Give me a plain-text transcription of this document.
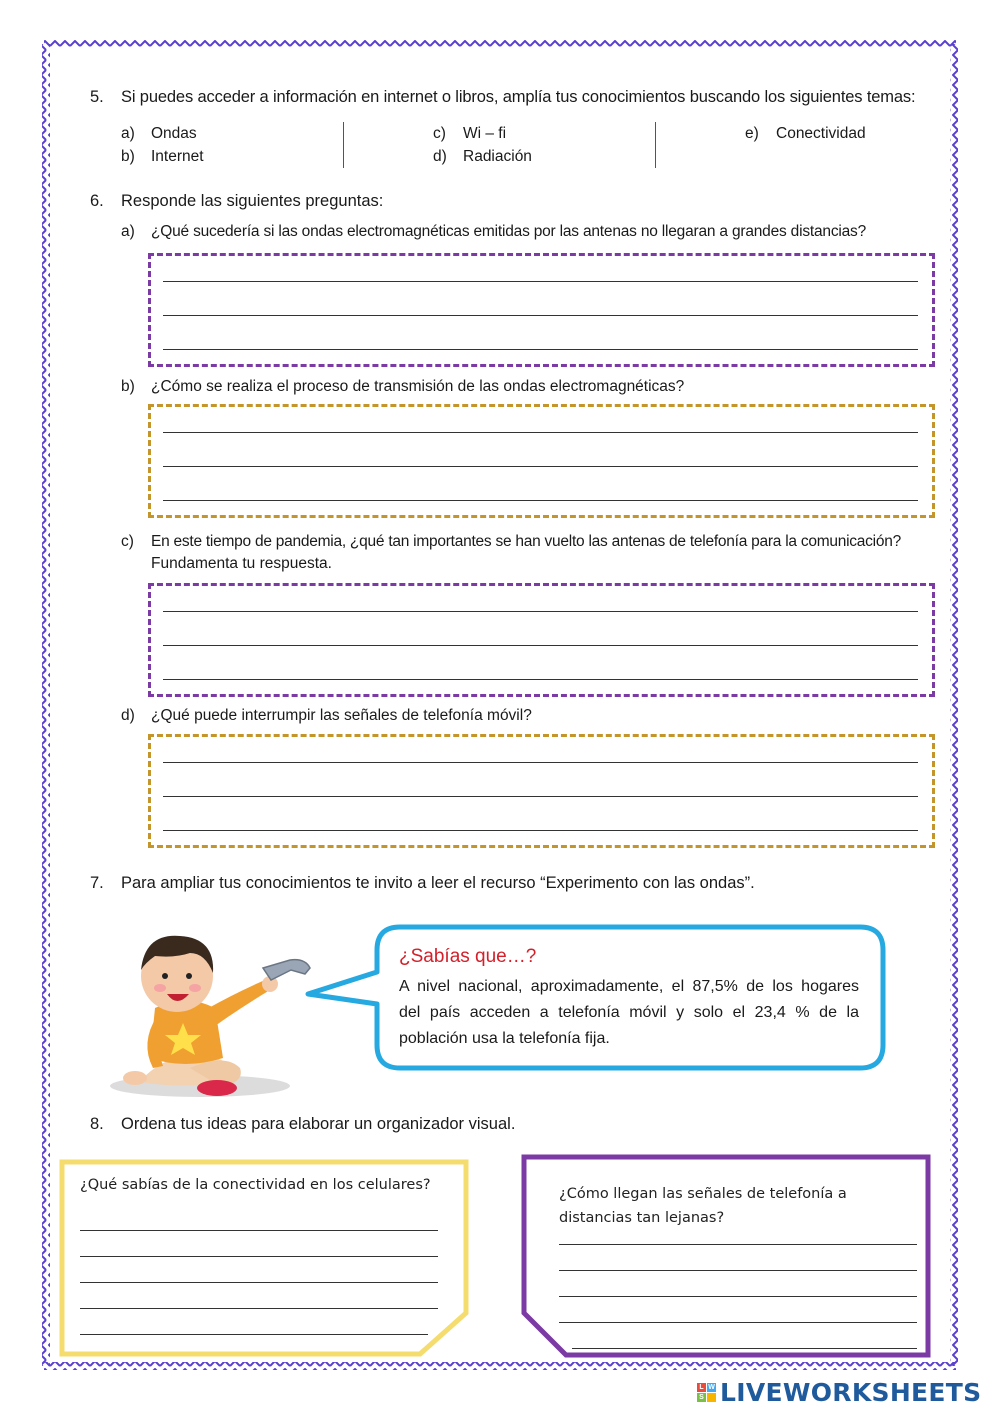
5. Si puedes acceder a información en internet o libros, amplía tus conocimientos buscando los siguientes temas:
a) Ondas
b) Internet
c) Wi – fi
d) Radiación
e) Conectividad
6. Responde las siguientes preguntas:
a) ¿Qué sucedería si las ondas electromagnéticas emitidas por las antenas no llegaran a grandes distancias?
b) ¿Cómo se realiza el proceso de transmisión de las ondas electromagnéticas?
c) En este tiempo de pandemia, ¿qué tan importantes se han vuelto las antenas de telefonía para la comunicación?
Fundamenta tu respuesta.
d) ¿Qué puede interrumpir las señales de telefonía móvil?
7. Para ampliar tus conocimientos te invito a leer el recurso “Experimento con las ondas”.
¿Sabías que…?
A nivel nacional, aproximadamente, el 87,5% de los hogares
del país acceden a telefonía móvil y solo el 23,4 % de la
población usa la telefonía fija.
8. Ordena tus ideas para elaborar un organizador visual.
¿Qué sabías de la conectividad en los celulares?
¿Cómo llegan las señales de telefonía a
distancias tan lejanas?
L W
S LIVEWORKSHEETS
